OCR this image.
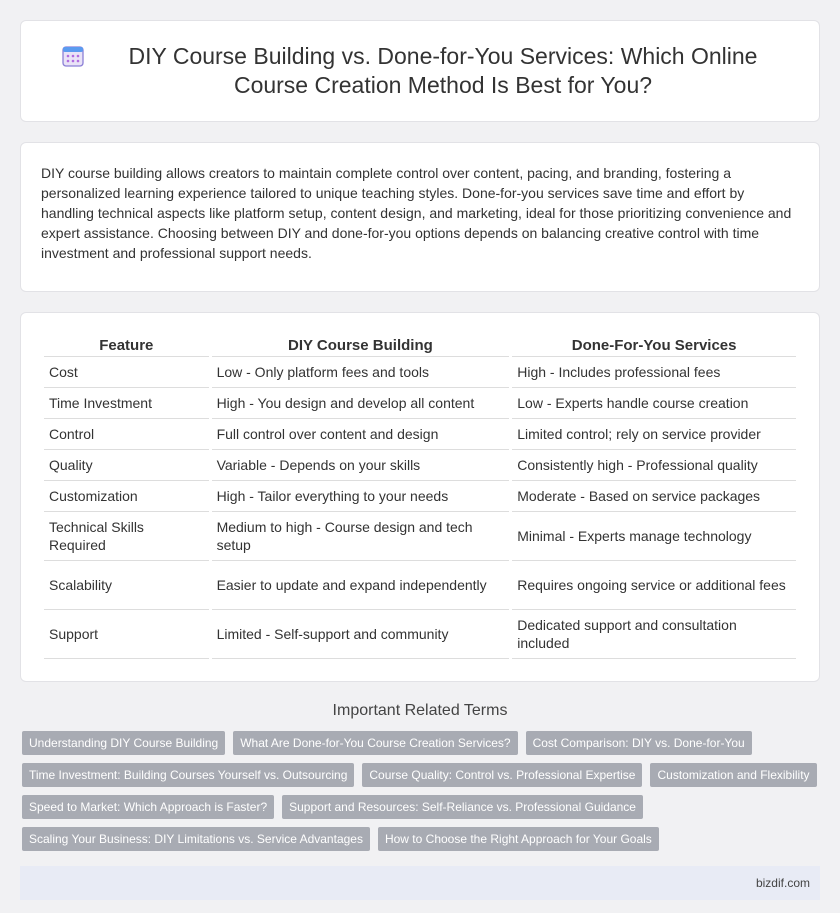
DIY Course Building vs. Done-for-You Services: Which Online Course Creation Method Is Best for You?

DIY course building allows creators to maintain complete control over content, pacing, and branding, fostering a personalized learning experience tailored to unique teaching styles. Done-for-you services save time and effort by handling technical aspects like platform setup, content design, and marketing, ideal for those prioritizing convenience and expert assistance. Choosing between DIY and done-for-you options depends on balancing creative control with time investment and professional support needs.

Feature	DIY Course Building	Done-For-You Services
Cost	Low - Only platform fees and tools	High - Includes professional fees
Time Investment	High - You design and develop all content	Low - Experts handle course creation
Control	Full control over content and design	Limited control; rely on service provider
Quality	Variable - Depends on your skills	Consistently high - Professional quality
Customization	High - Tailor everything to your needs	Moderate - Based on service packages
Technical Skills Required	Medium to high - Course design and tech setup	Minimal - Experts manage technology
Scalability	Easier to update and expand independently	Requires ongoing service or additional fees
Support	Limited - Self-support and community	Dedicated support and consultation included
Important Related Terms
Understanding DIY Course Building	What Are Done-for-You Course Creation Services?	Cost Comparison: DIY vs. Done-for-You
Time Investment: Building Courses Yourself vs. Outsourcing	Course Quality: Control vs. Professional Expertise	Customization and Flexibility
Speed to Market: Which Approach is Faster?	Support and Resources: Self-Reliance vs. Professional Guidance
Scaling Your Business: DIY Limitations vs. Service Advantages	How to Choose the Right Approach for Your Goals
bizdif.com
